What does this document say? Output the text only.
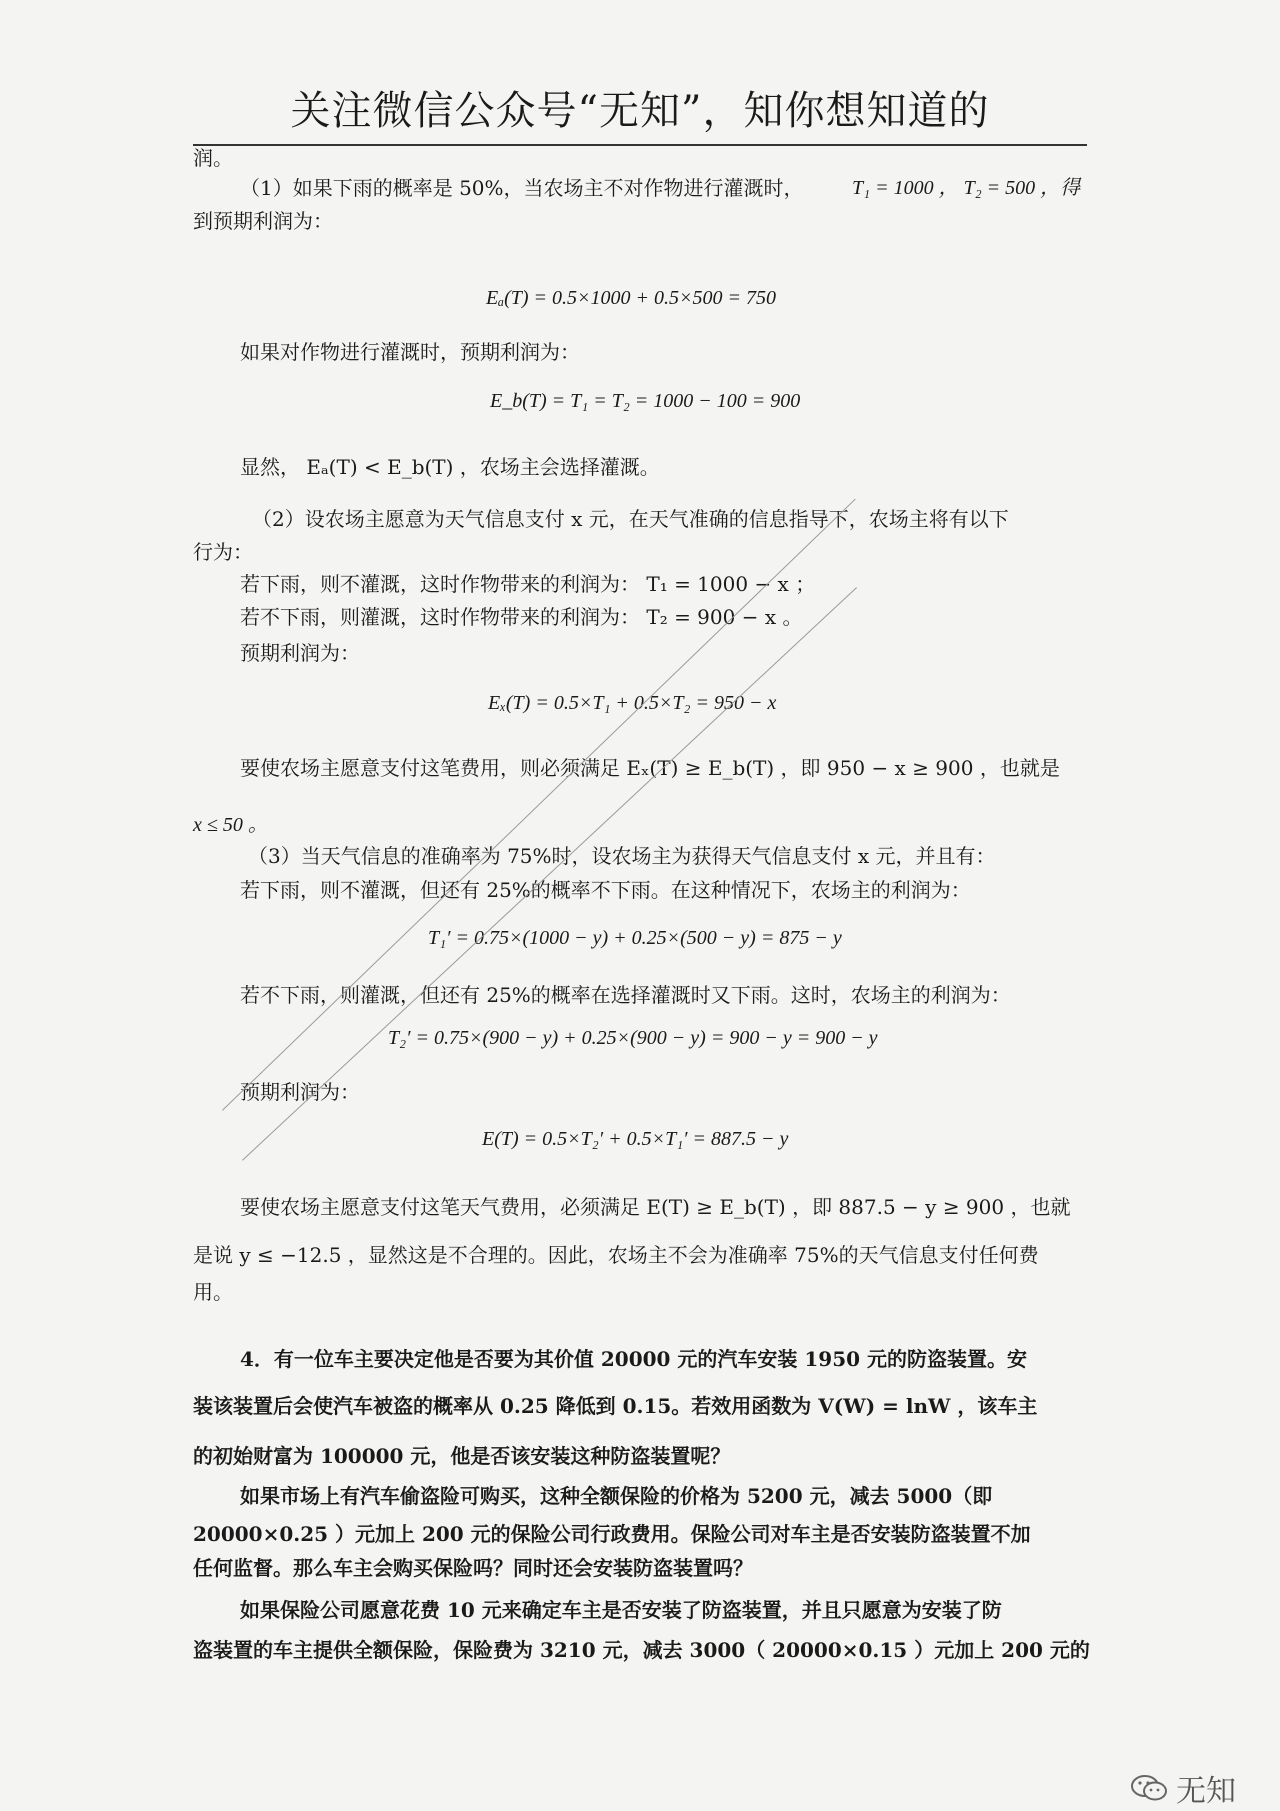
关注微信公众号“无知”，知你想知道的
润。
（1）如果下雨的概率是 50%，当农场主不对作物进行灌溉时， T₁ = 1000 ， T₂ = 500 ，得
到预期利润为：
Eₐ(T) = 0.5×1000 + 0.5×500 = 750
如果对作物进行灌溉时，预期利润为：
E_b(T) = T₁ = T₂ = 1000 − 100 = 900
显然， Eₐ(T) < E_b(T) ，农场主会选择灌溉。
（2）设农场主愿意为天气信息支付 x 元，在天气准确的信息指导下，农场主将有以下
行为：
若下雨，则不灌溉，这时作物带来的利润为： T₁ = 1000 − x ；
若不下雨，则灌溉，这时作物带来的利润为： T₂ = 900 − x 。
预期利润为：
Eₓ(T) = 0.5×T₁ + 0.5×T₂ = 950 − x
要使农场主愿意支付这笔费用，则必须满足 Eₓ(T) ≥ E_b(T) ，即 950 − x ≥ 900 ，也就是
x ≤ 50 。
（3）当天气信息的准确率为 75%时，设农场主为获得天气信息支付 x 元，并且有：
若下雨，则不灌溉，但还有 25%的概率不下雨。在这种情况下，农场主的利润为：
T₁′ = 0.75×(1000 − y) + 0.25×(500 − y) = 875 − y
若不下雨，则灌溉，但还有 25%的概率在选择灌溉时又下雨。这时，农场主的利润为：
T₂′ = 0.75×(900 − y) + 0.25×(900 − y) = 900 − y = 900 − y
预期利润为：
E(T) = 0.5×T₂′ + 0.5×T₁′ = 887.5 − y
要使农场主愿意支付这笔天气费用，必须满足 E(T) ≥ E_b(T) ，即 887.5 − y ≥ 900 ，也就
是说 y ≤ −12.5 ，显然这是不合理的。因此，农场主不会为准确率 75%的天气信息支付任何费
用。
4．有一位车主要决定他是否要为其价值 20000 元的汽车安装 1950 元的防盗装置。安
装该装置后会使汽车被盗的概率从 0.25 降低到 0.15。若效用函数为 V(W) = lnW ，该车主
的初始财富为 100000 元，他是否该安装这种防盗装置呢？
如果市场上有汽车偷盗险可购买，这种全额保险的价格为 5200 元，减去 5000（即
20000×0.25 ）元加上 200 元的保险公司行政费用。保险公司对车主是否安装防盗装置不加
任何监督。那么车主会购买保险吗？同时还会安装防盗装置吗？
如果保险公司愿意花费 10 元来确定车主是否安装了防盗装置，并且只愿意为安装了防
盗装置的车主提供全额保险，保险费为 3210 元，减去 3000（ 20000×0.15 ）元加上 200 元的
无知
